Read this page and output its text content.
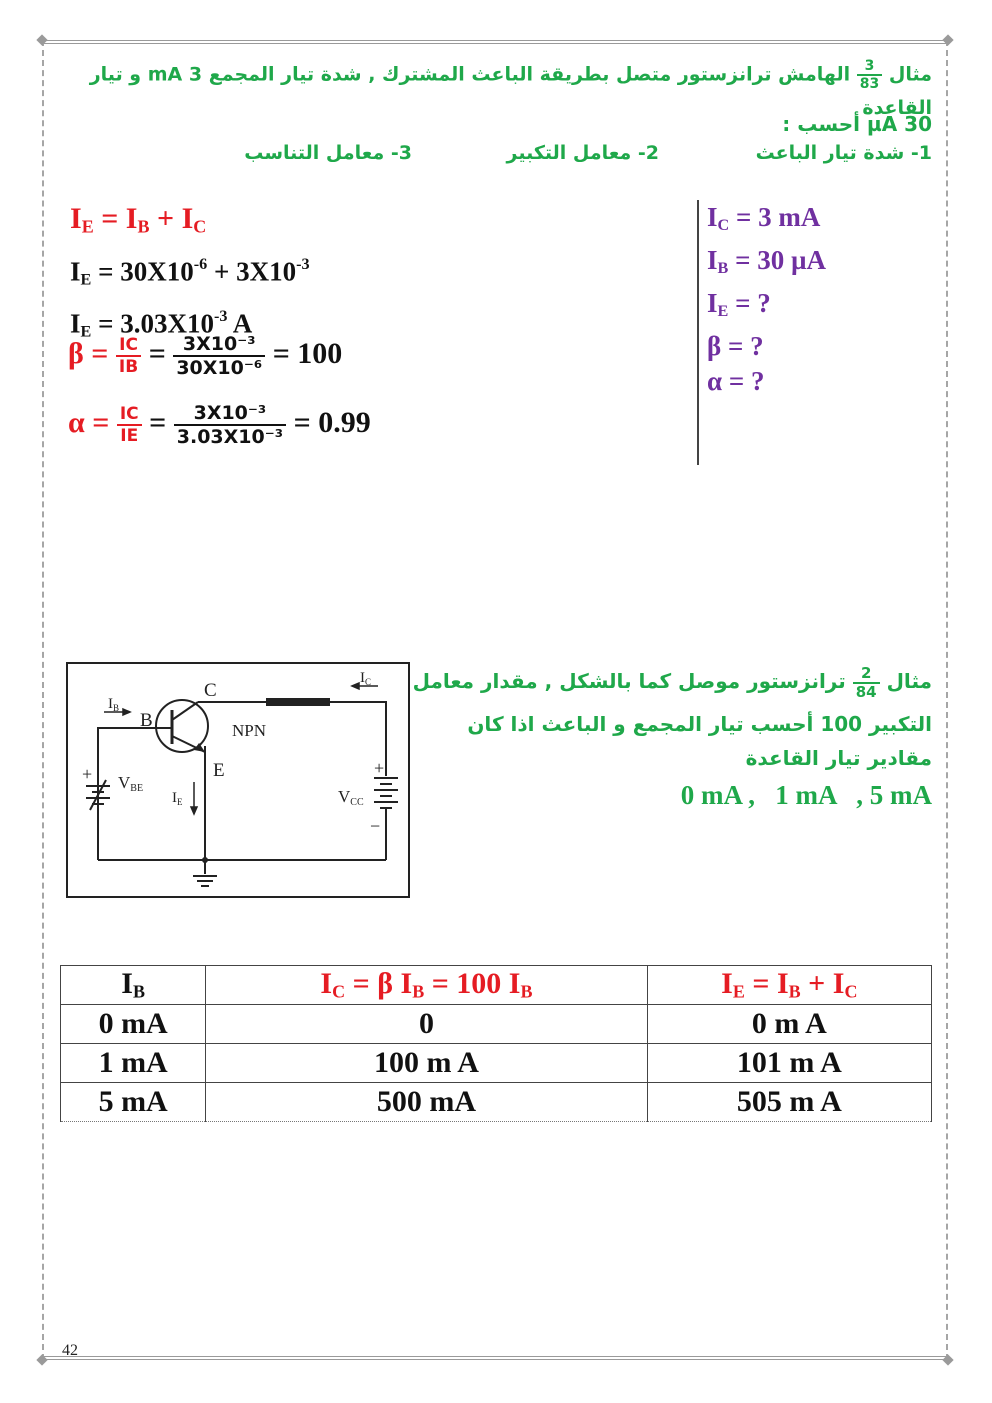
مثال
$\frac{3}{83}$
الهامش ترانزستور متصل بطريقة الباعث المشترك , شدة تيار المجمع 3 mA و تيار القاعدة
30 µA أحسب :
1- شدة تيار الباعث
2- معامل التكبير
3- معامل التناسب
$I_C = 3$ mA
$I_B = 30$ µA
$I_E$ = ?
β = ?
α = ?
$I_E = I_B + I_C$
$I_E = 30X10^{-6} + 3X10^{-3}$
$I_E = 3.03X10^{-3}$ A
$\beta = \frac{IC}{IB} = \frac{\text{3X10⁻³}}{\text{30X10⁻⁶}} = 100$
$\alpha = \frac{IC}{IE} = \frac{\text{3X10⁻³}}{\text{3.03X10⁻³}} = 0.99$
مثال
$\frac{2}{84}$
ترانزستور موصل كما بالشكل , مقدار معامل
التكبير 100 أحسب تيار المجمع و الباعث اذا كان
مقادير تيار القاعدة
0 mA ,   1 mA   , 5 mA
C
B
E
NPN
$I_B$
$I_C$
$I_E$
VBE	VCC
+	+
−
$I_B$	$I_C = \beta$ $I_B = 100$ $I_B$	$I_E = I_B + I_C$
0 mA	0	0 m A
1 mA	100 m A	101 m A
5 mA	500 mA	505 m A
42
